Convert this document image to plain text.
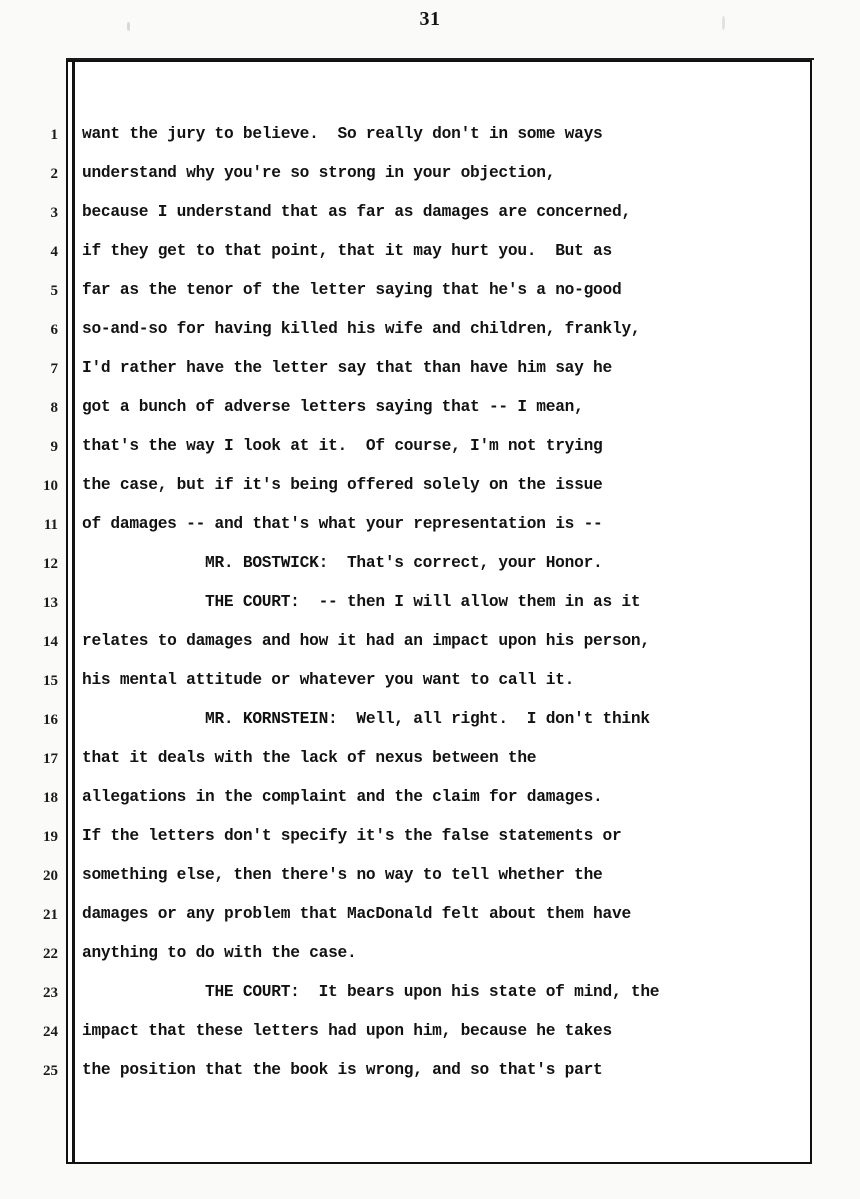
31
1 want the jury to believe.  So really don't in some ways
2 understand why you're so strong in your objection,
3 because I understand that as far as damages are concerned,
4 if they get to that point, that it may hurt you.  But as
5 far as the tenor of the letter saying that he's a no-good
6 so-and-so for having killed his wife and children, frankly,
7 I'd rather have the letter say that than have him say he
8 got a bunch of adverse letters saying that -- I mean,
9 that's the way I look at it.  Of course, I'm not trying
10 the case, but if it's being offered solely on the issue
11 of damages -- and that's what your representation is --
12	MR. BOSTWICK:  That's correct, your Honor.
13	THE COURT:  -- then I will allow them in as it
14 relates to damages and how it had an impact upon his person,
15 his mental attitude or whatever you want to call it.
16	MR. KORNSTEIN:  Well, all right.  I don't think
17 that it deals with the lack of nexus between the
18 allegations in the complaint and the claim for damages.
19 If the letters don't specify it's the false statements or
20 something else, then there's no way to tell whether the
21 damages or any problem that MacDonald felt about them have
22 anything to do with the case.
23	THE COURT:  It bears upon his state of mind, the
24 impact that these letters had upon him, because he takes
25 the position that the book is wrong, and so that's part
